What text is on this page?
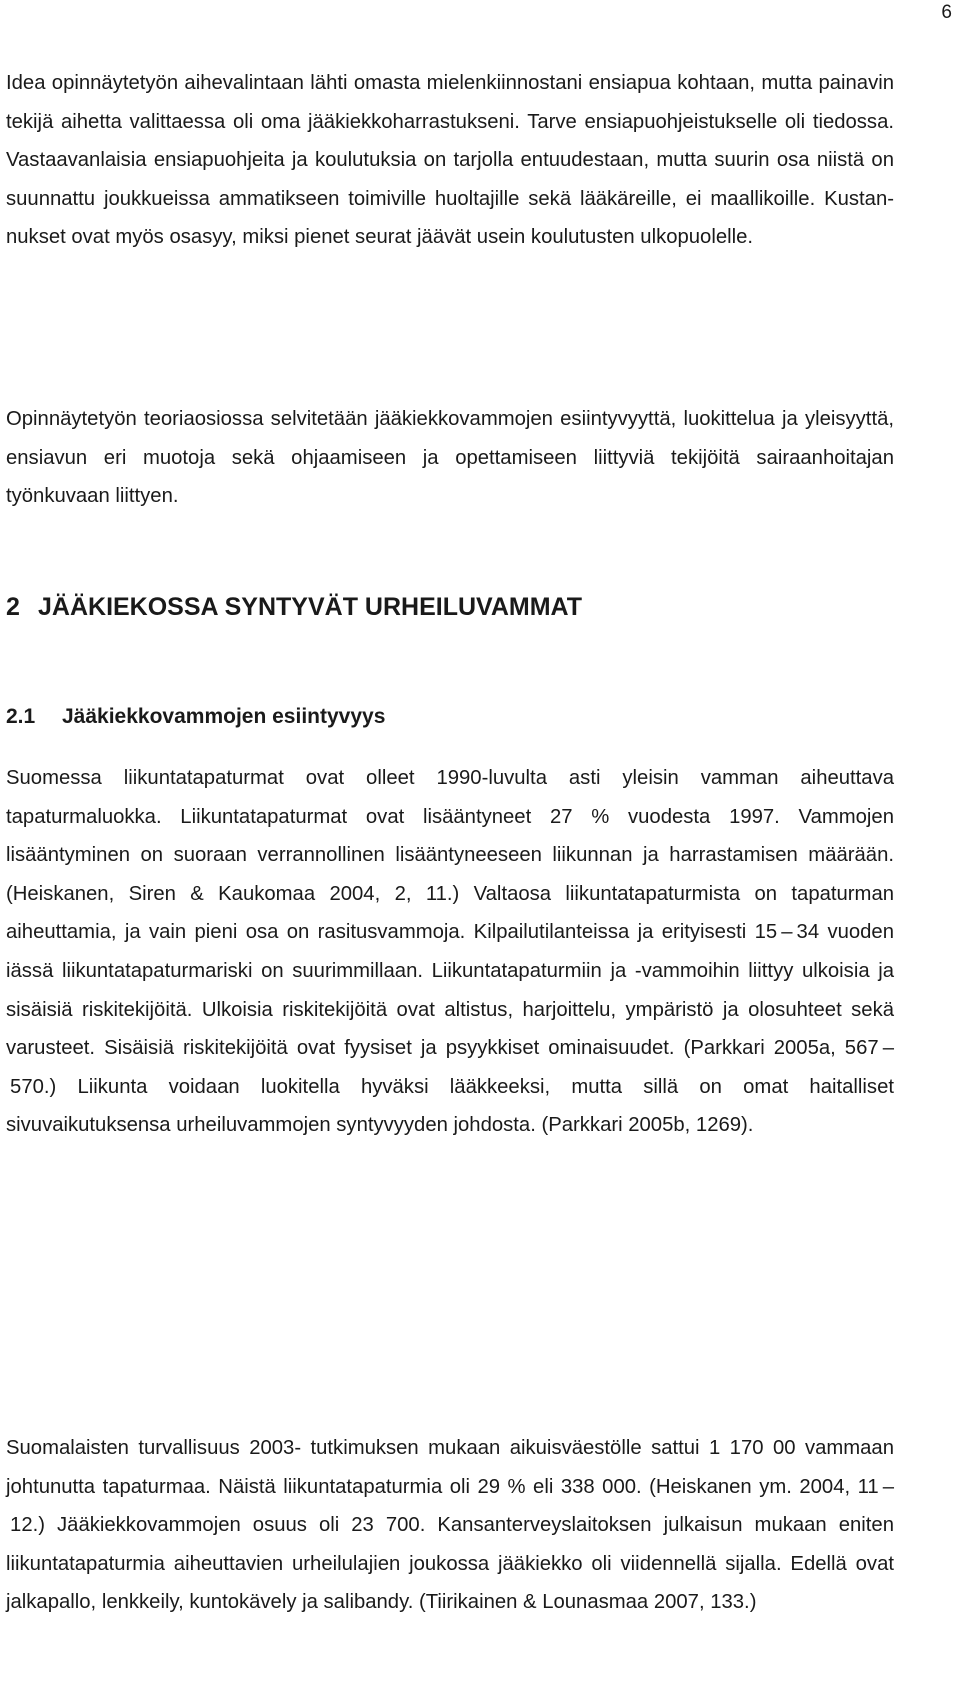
6

Idea opinnäytetyön aihevalintaan lähti omasta mielenkiinnostani ensiapua kohtaan, mutta painavin tekijä aihetta valittaessa oli oma jääkiekkoharrastukseni. Tarve ensiapuohjeistukselle oli tiedossa. Vastaavanlaisia ensiapuohjeita ja koulutuksia on tarjolla entuudestaan, mutta suurin osa niistä on suunnattu joukkueissa ammatikseen toimiville huoltajille sekä lääkäreille, ei maallikoille. Kustannukset ovat myös osasyy, miksi pienet seurat jäävät usein koulutusten ulkopuolelle.

Opinnäytetyön teoriaosiossa selvitetään jääkiekkovammojen esiintyvyyttä, luokittelua ja yleisyyttä, ensiavun eri muotoja sekä ohjaamiseen ja opettamiseen liittyviä tekijöitä sairaanhoitajan työnkuvaan liittyen.

2 JÄÄKIEKOSSA SYNTYVÄT URHEILUVAMMAT
2.1 Jääkiekkovammojen esiintyvyys

Suomessa liikuntatapaturmat ovat olleet 1990-luvulta asti yleisin vamman aiheuttava tapaturmaluokka. Liikuntatapaturmat ovat lisääntyneet 27 % vuodesta 1997. Vammojen lisääntyminen on suoraan verrannollinen lisääntyneeseen liikunnan ja harrastamisen määrään. (Heiskanen, Siren & Kaukomaa 2004, 2, 11.) Valtaosa liikuntatapaturmista on tapaturman aiheuttamia, ja vain pieni osa on rasitusvammoja. Kilpailutilanteissa ja erityisesti 15 – 34 vuoden iässä liikuntatapaturmariski on suurimmillaan. Liikuntatapaturmiin ja -vammoihin liittyy ulkoisia ja sisäisiä riskitekijöitä. Ulkoisia riskitekijöitä ovat altistus, harjoittelu, ympäristö ja olosuhteet sekä varusteet. Sisäisiä riskitekijöitä ovat fyysiset ja psyykkiset ominaisuudet. (Parkkari 2005a, 567 – 570.) Liikunta voidaan luokitella hyväksi lääkkeeksi, mutta sillä on omat haitalliset sivuvaikutuksensa urheiluvammojen syntyvyyden johdosta. (Parkkari 2005b, 1269).

Suomalaisten turvallisuus 2003- tutkimuksen mukaan aikuisväestölle sattui 1 170 00 vammaan johtunutta tapaturmaa. Näistä liikuntatapaturmia oli 29 % eli 338 000. (Heiskanen ym. 2004, 11 – 12.) Jääkiekkovammojen osuus oli 23 700. Kansanterveyslaitoksen julkaisun mukaan eniten liikuntatapaturmia aiheuttavien urheilulajien joukossa jääkiekko oli viidennellä sijalla. Edellä ovat jalkapallo, lenkkeily, kuntokävely ja salibandy. (Tiirikainen & Lounasmaa 2007, 133.)
